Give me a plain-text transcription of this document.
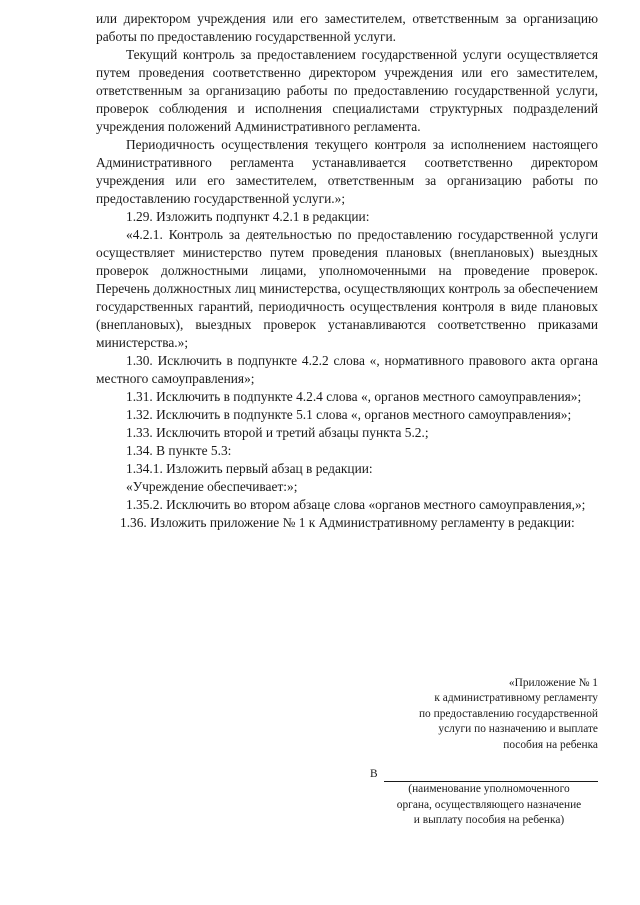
или директором учреждения или его заместителем, ответственным за организацию работы по предоставлению государственной услуги.

Текущий контроль за предоставлением государственной услуги осуществляется путем проведения соответственно директором учреждения или его заместителем, ответственным за организацию работы по предоставлению государственной услуги, проверок соблюдения и исполнения специалистами структурных подразделений учреждения положений Административного регламента.

Периодичность осуществления текущего контроля за исполнением настоящего Административного регламента устанавливается соответственно директором учреждения или его заместителем, ответственным за организацию работы по предоставлению государственной услуги.»;

1.29. Изложить подпункт 4.2.1 в редакции:

«4.2.1. Контроль за деятельностью по предоставлению государственной услуги осуществляет министерство путем проведения плановых (внеплановых) выездных проверок должностными лицами, уполномоченными на проведение проверок. Перечень должностных лиц министерства, осуществляющих контроль за обеспечением государственных гарантий, периодичность осуществления контроля в виде плановых (внеплановых), выездных проверок устанавливаются соответственно приказами министерства.»;

1.30. Исключить в подпункте 4.2.2 слова «, нормативного правового акта органа местного самоуправления»;

1.31. Исключить в подпункте 4.2.4 слова «, органов местного самоуправления»;

1.32. Исключить в подпункте 5.1 слова «, органов местного самоуправления»;

1.33. Исключить второй и третий абзацы пункта 5.2.;

1.34. В пункте 5.3:

1.34.1. Изложить первый абзац в редакции:

«Учреждение обеспечивает:»;

1.35.2. Исключить во втором абзаце слова «органов местного самоуправления,»;

1.36. Изложить приложение № 1 к Административному регламенту в редакции:

«Приложение № 1
к административному регламенту
по предоставлению государственной
услуги по назначению и выплате
пособия на ребенка
В
(наименование уполномоченного
органа, осуществляющего назначение
и выплату пособия на ребенка)
